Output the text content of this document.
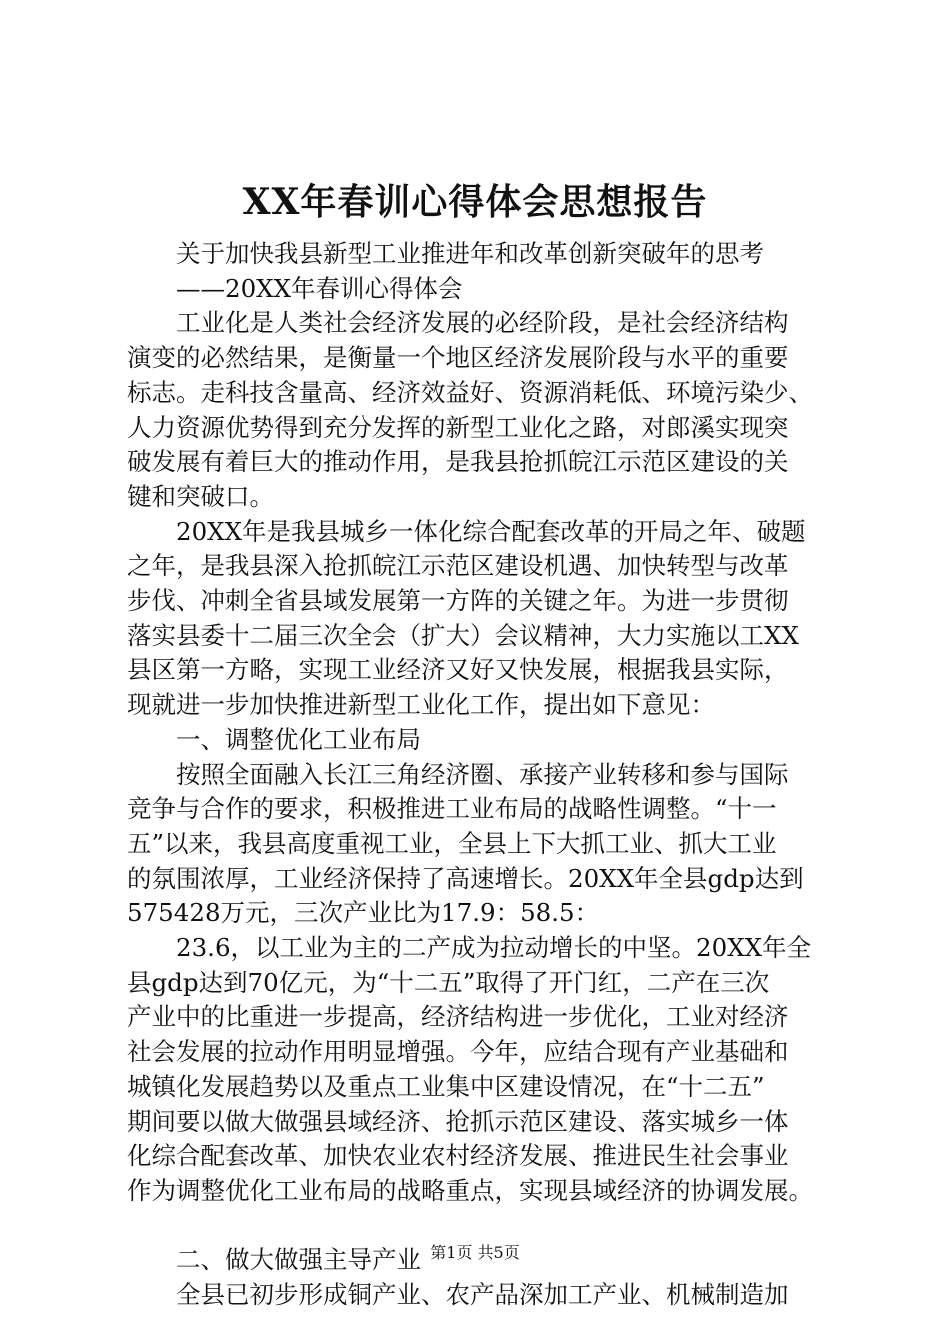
XX年春训心得体会思想报告
关于加快我县新型工业推进年和改革创新突破年的思考
——20XX年春训心得体会
工业化是人类社会经济发展的必经阶段，是社会经济结构
演变的必然结果，是衡量一个地区经济发展阶段与水平的重要
标志。走科技含量高、经济效益好、资源消耗低、环境污染少、
人力资源优势得到充分发挥的新型工业化之路，对郎溪实现突
破发展有着巨大的推动作用，是我县抢抓皖江示范区建设的关
键和突破口。
20XX年是我县城乡一体化综合配套改革的开局之年、破题
之年，是我县深入抢抓皖江示范区建设机遇、加快转型与改革
步伐、冲刺全省县域发展第一方阵的关键之年。为进一步贯彻
落实县委十二届三次全会（扩大）会议精神，大力实施以工XX
县区第一方略，实现工业经济又好又快发展，根据我县实际，
现就进一步加快推进新型工业化工作，提出如下意见：
一、调整优化工业布局
按照全面融入长江三角经济圈、承接产业转移和参与国际
竞争与合作的要求，积极推进工业布局的战略性调整。“十一
五”以来，我县高度重视工业，全县上下大抓工业、抓大工业
的氛围浓厚，工业经济保持了高速增长。20XX年全县gdp达到
575428万元，三次产业比为17.9：58.5：
23.6，以工业为主的二产成为拉动增长的中坚。20XX年全
县gdp达到70亿元，为“十二五”取得了开门红，二产在三次
产业中的比重进一步提高，经济结构进一步优化，工业对经济
社会发展的拉动作用明显增强。今年，应结合现有产业基础和
城镇化发展趋势以及重点工业集中区建设情况，在“十二五”
期间要以做大做强县域经济、抢抓示范区建设、落实城乡一体
化综合配套改革、加快农业农村经济发展、推进民生社会事业
作为调整优化工业布局的战略重点，实现县域经济的协调发展。
二、做大做强主导产业
全县已初步形成铜产业、农产品深加工产业、机械制造加
第1页 共5页
